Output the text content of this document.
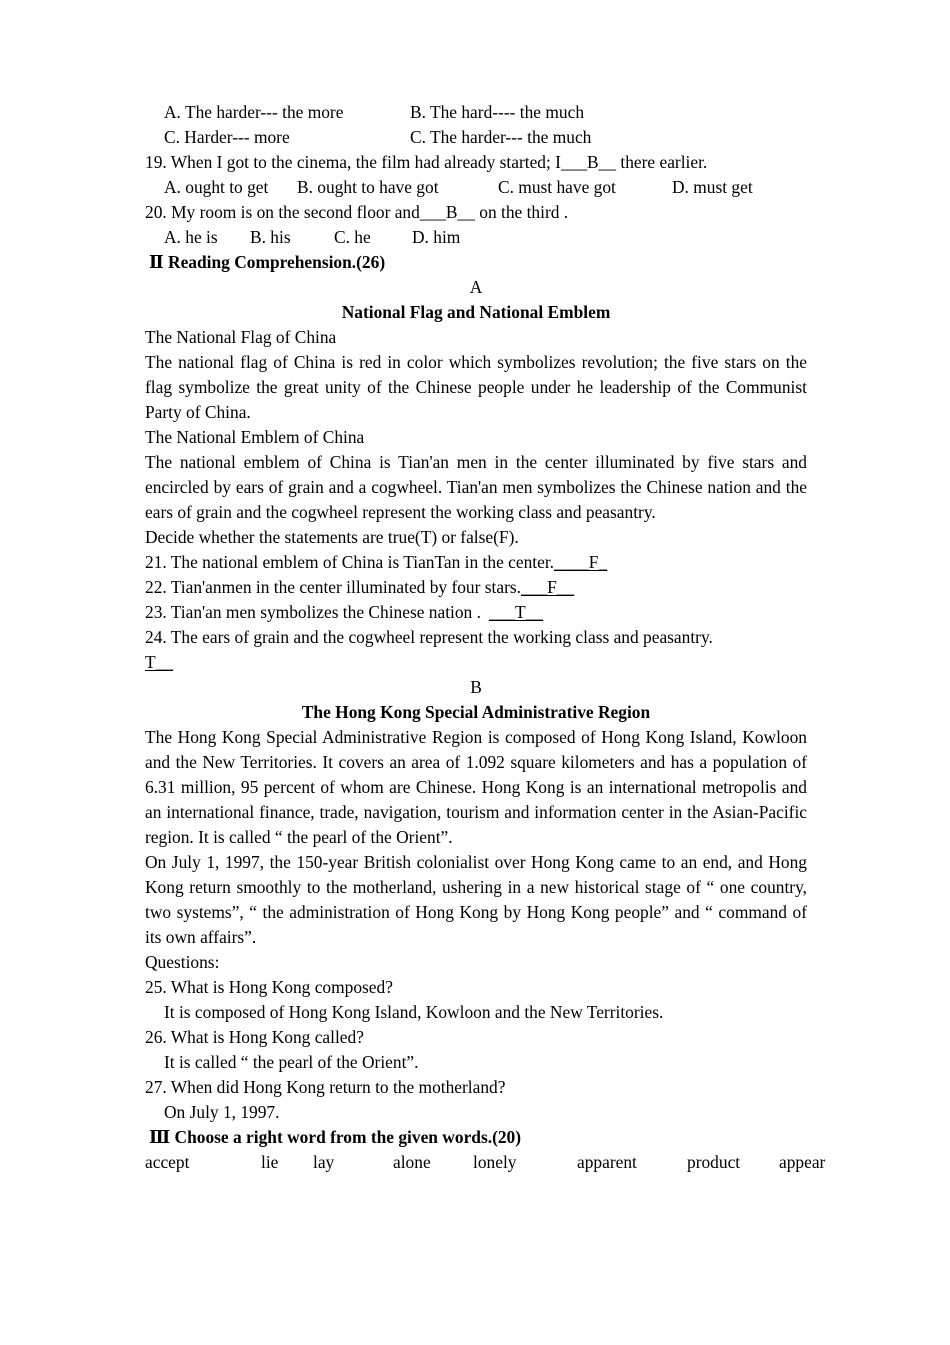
A. The harder--- the more	B. The hard---- the much
C. Harder--- more	C. The harder--- the much

19. When I got to the cinema, the film had already started; I___B__ there earlier.

A. ought to get	B. ought to have got	C. must have got	D. must get

20. My room is on the second floor and___B__ on the third .

A. he is	B. his	C. he	D. him

Ⅱ Reading Comprehension.(26)

A

National Flag and National Emblem

The National Flag of China

The national flag of China is red in color which symbolizes revolution; the five stars on the flag symbolize the great unity of the Chinese people under he leadership of the Communist Party of China.

The National Emblem of China

The national emblem of China is Tian'an men in the center illuminated by five stars and encircled by ears of grain and a cogwheel. Tian'an men symbolizes the Chinese nation and the ears of grain and the cogwheel represent the working class and peasantry.

Decide whether the statements are true(T) or false(F).

21. The national emblem of China is TianTan in the center.____F_

22. Tian'anmen in the center illuminated by four stars.___F__

23. Tian'an men symbolizes the Chinese nation . ___T__

24. The ears of grain and the cogwheel represent the working class and peasantry.

T__

B

The Hong Kong Special Administrative Region

The Hong Kong Special Administrative Region is composed of Hong Kong Island, Kowloon and the New Territories. It covers an area of 1.092 square kilometers and has a population of 6.31 million, 95 percent of whom are Chinese. Hong Kong is an international metropolis and an international finance, trade, navigation, tourism and information center in the Asian-Pacific region. It is called “ the pearl of the Orient”.

On July 1, 1997, the 150-year British colonialist over Hong Kong came to an end, and Hong Kong return smoothly to the motherland, ushering in a new historical stage of “ one country, two systems”, “ the administration of Hong Kong by Hong Kong people” and “ command of its own affairs”.

Questions:

25. What is Hong Kong composed?

It is composed of Hong Kong Island, Kowloon and the New Territories.

26. What is Hong Kong called?

It is called “ the pearl of the Orient”.

27. When did Hong Kong return to the motherland?

On July 1, 1997.

Ⅲ Choose a right word from the given words.(20)

accept	lie	lay	alone	lonely	apparent	product	appear
